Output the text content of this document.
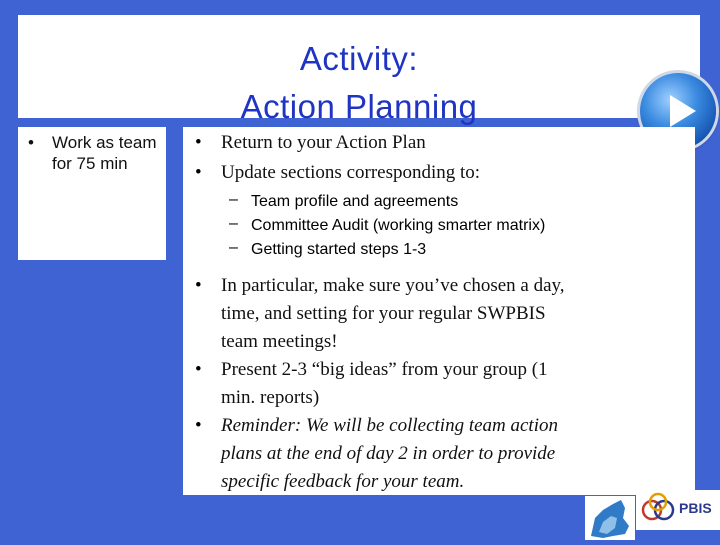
Activity:
Action Planning
• Work as team for 75 min
• Return to your Action Plan
• Update sections corresponding to:
– Team profile and agreements
– Committee Audit (working smarter matrix)
– Getting started steps 1-3
• In particular, make sure you’ve chosen a day,
time, and setting for your regular SWPBIS
team meetings!
• Present 2-3 “big ideas” from your group (1
min. reports)
• Reminder: We will be collecting team action
plans at the end of day 2 in order to provide
specific feedback for your team.
PBIS
